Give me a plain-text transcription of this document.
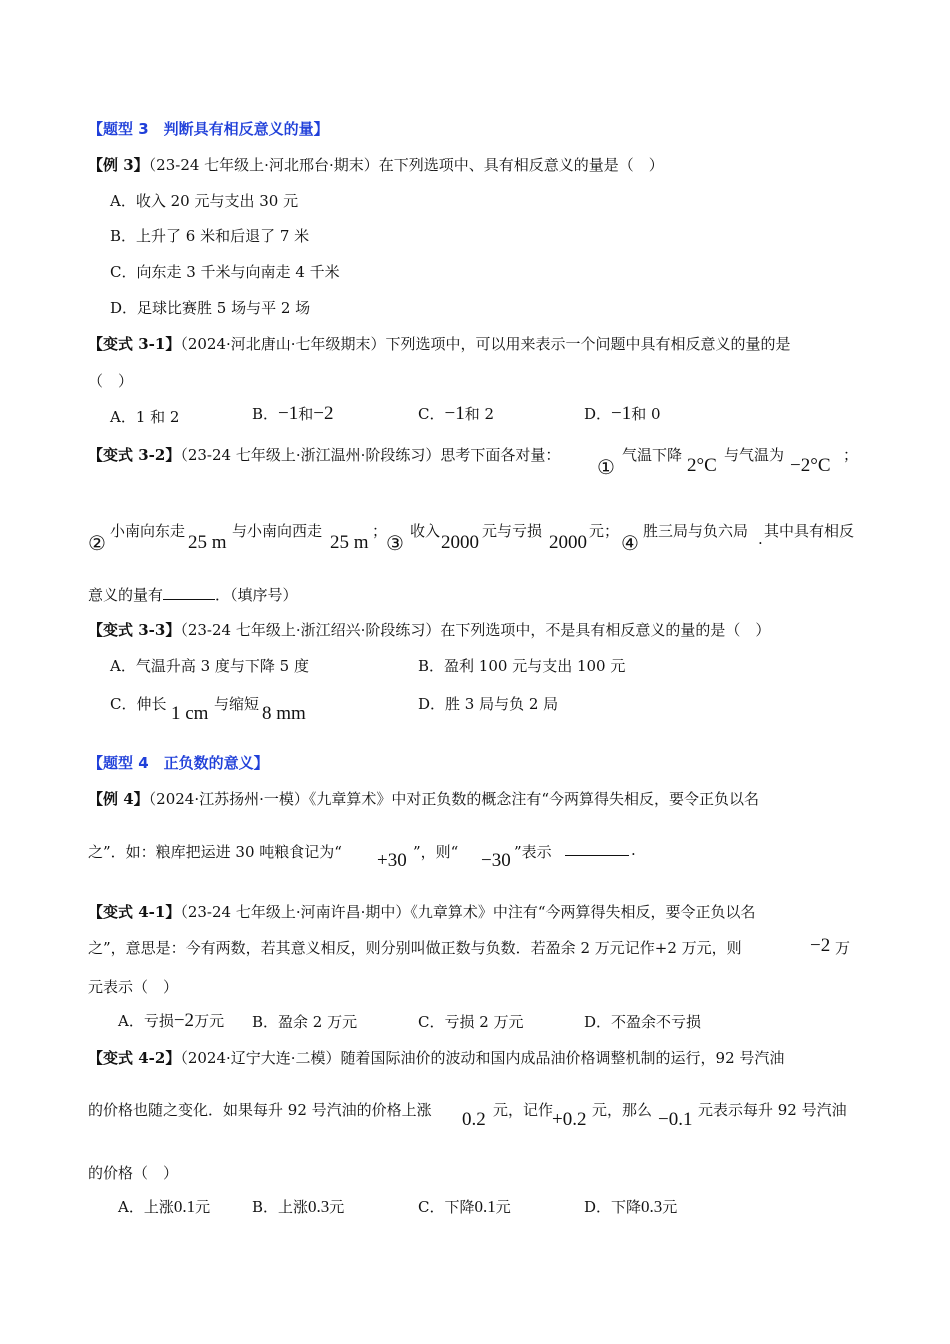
【题型 3　判断具有相反意义的量】
【例 3】（23-24 七年级上·河北邢台·期末）在下列选项中、具有相反意义的量是（　）
A．收入 20 元与支出 30 元
B．上升了 6 米和后退了 7 米
C．向东走 3 千米与向南走 4 千米
D．足球比赛胜 5 场与平 2 场
【变式 3-1】（2024·河北唐山·七年级期末）下列选项中，可以用来表示一个问题中具有相反意义的量的是
（　）
A．1 和 2	B．−1和−2	C．−1和 2	D．−1和 0
【变式 3-2】（23-24 七年级上·浙江温州·阶段练习）思考下面各对量： ① 气温下降 2°C 与气温为 −2°C ；
② 小南向东走
25 m
与小南向西走
25 m
；
③ 收入
2000
元与亏损
2000
元； ④ 胜三局与负六局 . 其中具有相反
意义的量有	．（填序号）
【变式 3-3】（23-24 七年级上·浙江绍兴·阶段练习）在下列选项中，不是具有相反意义的量的是（　）
A．气温升高 3 度与下降 5 度	B．盈利 100 元与支出 100 元
C．伸长 1 cm 与缩短 8 mm	D．胜 3 局与负 2 局
【题型 4　正负数的意义】
【例 4】（2024·江苏扬州·一模）《九章算术》中对正负数的概念注有“今两算得失相反，要令正负以名
之”．如：粮库把运进 30 吨粮食记为“ +30 ”，则“ −30 ”表示	.
【变式 4-1】（23-24 七年级上·河南许昌·期中）《九章算术》中注有“今两算得失相反，要令正负以名
之”，意思是：今有两数，若其意义相反，则分别叫做正数与负数．若盈余 2 万元记作+2 万元，则	−2 万
元表示（　）
A．亏损−2万元 B．盈余 2 万元	C．亏损 2 万元	D．不盈余不亏损
【变式 4-2】（2024·辽宁大连·二模）随着国际油价的波动和国内成品油价格调整机制的运行，92 号汽油
的价格也随之变化．如果每升 92 号汽油的价格上涨 0.2 元，记作
+0.2 元，那么 −0.1 元表示每升 92 号汽油
的价格（　）
A．上涨0.1元	B．上涨0.3元	C．下降0.1元	D．下降0.3元
